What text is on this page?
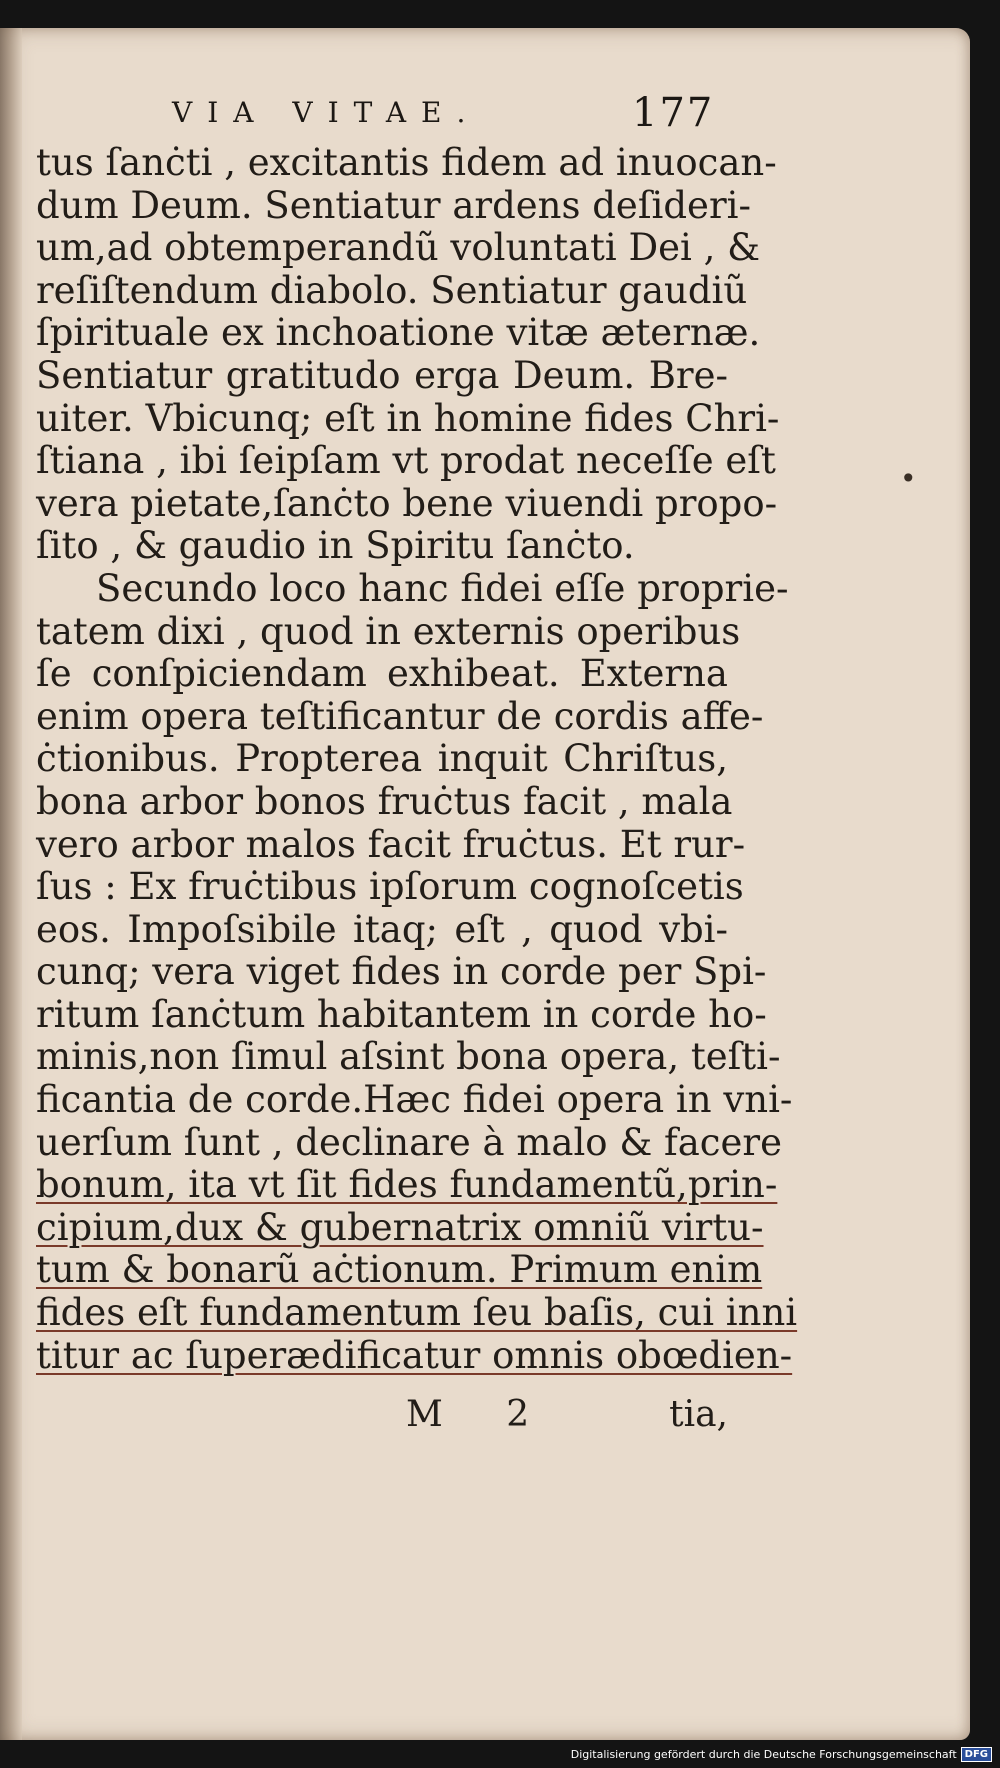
VIA VITAE.	177
tus ſanċti , excitantis fidem ad inuocan-
dum Deum. Sentiatur ardens deſideri-
um,ad obtemperandũ voluntati Dei , &
reſiſtendum diabolo. Sentiatur gaudiũ
ſpirituale ex inchoatione vitæ æternæ.
Sentiatur gratitudo erga Deum. Bre-
uiter. Vbicunq; eſt in homine fides Chri-
ſtiana , ibi ſeipſam vt prodat neceſſe eſt
vera pietate,ſanċto bene viuendi propo-
ſito , & gaudio in Spiritu ſanċto.
Secundo loco hanc fidei eſſe proprie-
tatem dixi , quod in externis operibus
ſe conſpiciendam exhibeat. Externa
enim opera teſtificantur de cordis affe-
ċtionibus. Propterea inquit Chriſtus,
bona arbor bonos fruċtus facit , mala
vero arbor malos facit fruċtus. Et rur-
ſus : Ex fruċtibus ipſorum cognoſcetis
eos. Impoſsibile itaq; eſt , quod vbi-
cunq; vera viget fides in corde per Spi-
ritum ſanċtum habitantem in corde ho-
minis,non ſimul aſsint bona opera, teſti-
ficantia de corde.Hæc fidei opera in vni-
uerſum ſunt , declinare à malo & facere
bonum, ita vt ſit fides fundamentũ,prin-
cipium,dux & gubernatrix omniũ virtu-
tum & bonarũ aċtionum. Primum enim
fides eſt fundamentum ſeu baſis, cui inni
titur ac ſuperædificatur omnis obœdien-
M 2	tia,
•
Digitalisierung gefördert durch die Deutsche Forschungsgemeinschaft DFG
